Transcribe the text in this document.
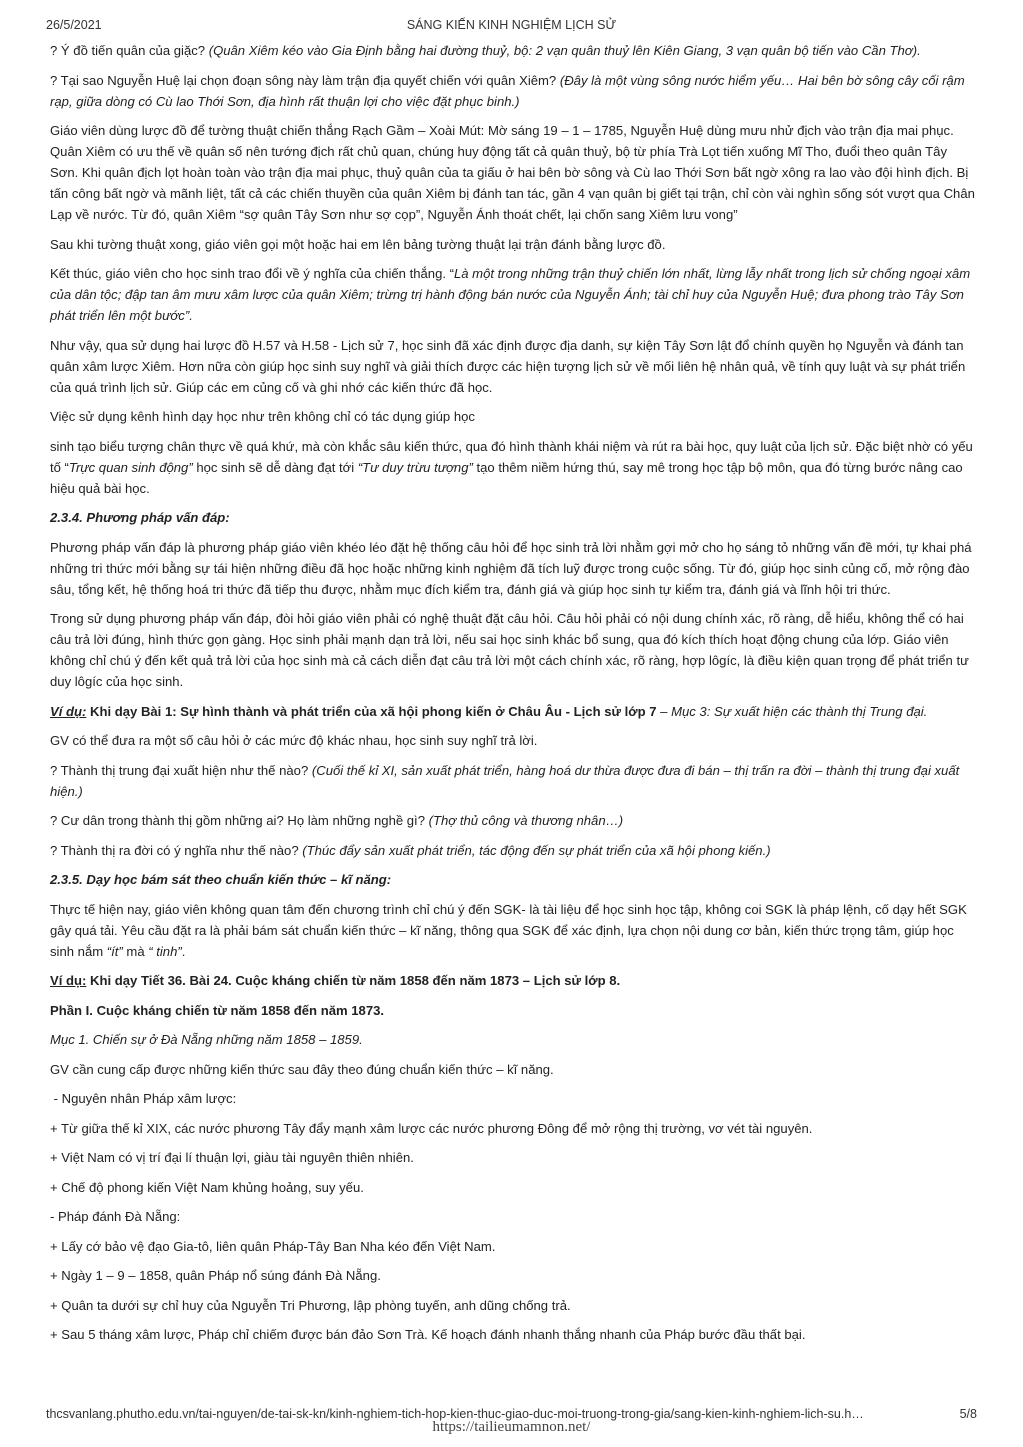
26/5/2021	SÁNG KIẾN KINH NGHIỆM LỊCH SỬ

? Ý đồ tiến quân của giặc? (Quân Xiêm kéo vào Gia Định bằng hai đường thuỷ, bộ: 2 vạn quân thuỷ lên Kiên Giang, 3 vạn quân bộ tiến vào Cần Thơ).

? Tại sao Nguyễn Huệ lại chọn đoạn sông này làm trận địa quyết chiến với quân Xiêm? (Đây là một vùng sông nước hiểm yếu… Hai bên bờ sông cây cối rậm rạp, giữa dòng có Cù lao Thới Sơn, địa hình rất thuận lợi cho việc đặt phục binh.)

Giáo viên dùng lược đồ để tường thuật chiến thắng Rạch Gầm – Xoài Mút: Mờ sáng 19 – 1 – 1785, Nguyễn Huệ dùng mưu nhử địch vào trận địa mai phục. Quân Xiêm có ưu thế về quân số nên tướng địch rất chủ quan, chúng huy động tất cả quân thuỷ, bộ từ phía Trà Lọt tiến xuống Mĩ Tho, đuổi theo quân Tây Sơn. Khi quân địch lọt hoàn toàn vào trận địa mai phục, thuỷ quân của ta giấu ở hai bên bờ sông và Cù lao Thới Sơn bất ngờ xông ra lao vào đội hình địch. Bị tấn công bất ngờ và mãnh liệt, tất cả các chiến thuyền của quân Xiêm bị đánh tan tác, gần 4 vạn quân bị giết tại trận, chỉ còn vài nghìn sống sót vượt qua Chân Lạp về nước. Từ đó, quân Xiêm “sợ quân Tây Sơn như sợ cọp”, Nguyễn Ánh thoát chết, lại chốn sang Xiêm lưu vong”

Sau khi tường thuật xong, giáo viên gọi một hoặc hai em lên bảng tường thuật lại trận đánh bằng lược đồ.

Kết thúc, giáo viên cho học sinh trao đổi về ý nghĩa của chiến thắng. “Là một trong những trận thuỷ chiến lớn nhất, lừng lẫy nhất trong lịch sử chống ngoại xâm của dân tộc; đập tan âm mưu xâm lược của quân Xiêm; trừng trị hành động bán nước của Nguyễn Ánh; tài chỉ huy của Nguyễn Huệ; đưa phong trào Tây Sơn phát triển lên một bước”.

Như vậy, qua sử dụng hai lược đồ H.57 và H.58 - Lịch sử 7, học sinh đã xác định được địa danh, sự kiện Tây Sơn lật đổ chính quyền họ Nguyễn và đánh tan quân xâm lược Xiêm. Hơn nữa còn giúp học sinh suy nghĩ và giải thích được các hiện tượng lịch sử về mối liên hệ nhân quả, về tính quy luật và sự phát triển của quá trình lịch sử. Giúp các em củng cố và ghi nhớ các kiến thức đã học.

Việc sử dụng kênh hình dạy học như trên không chỉ có tác dụng giúp học

sinh tạo biểu tượng chân thực về quá khứ, mà còn khắc sâu kiến thức, qua đó hình thành khái niệm và rút ra bài học, quy luật của lịch sử. Đặc biệt nhờ có yếu tố “Trực quan sinh động” học sinh sẽ dễ dàng đạt tới “Tư duy trừu tượng” tạo thêm niềm hứng thú, say mê trong học tập bộ môn, qua đó từng bước nâng cao hiệu quả bài học.

2.3.4. Phương pháp vấn đáp:

Phương pháp vấn đáp là phương pháp giáo viên khéo léo đặt hệ thống câu hỏi để học sinh trả lời nhằm gợi mở cho họ sáng tỏ những vấn đề mới, tự khai phá những tri thức mới bằng sự tái hiện những điều đã học hoặc những kinh nghiệm đã tích luỹ được trong cuộc sống. Từ đó, giúp học sinh củng cố, mở rộng đào sâu, tổng kết, hệ thống hoá tri thức đã tiếp thu được, nhằm mục đích kiểm tra, đánh giá và giúp học sinh tự kiểm tra, đánh giá và lĩnh hội tri thức.

Trong sử dụng phương pháp vấn đáp, đòi hỏi giáo viên phải có nghệ thuật đặt câu hỏi. Câu hỏi phải có nội dung chính xác, rõ ràng, dễ hiểu, không thể có hai câu trả lời đúng, hình thức gọn gàng. Học sinh phải mạnh dạn trả lời, nếu sai học sinh khác bổ sung, qua đó kích thích hoạt động chung của lớp. Giáo viên không chỉ chú ý đến kết quả trả lời của học sinh mà cả cách diễn đạt câu trả lời một cách chính xác, rõ ràng, hợp lôgíc, là điều kiện quan trọng để phát triển tư duy lôgíc của học sinh.

Ví dụ: Khi dạy Bài 1: Sự hình thành và phát triển của xã hội phong kiến ở Châu Âu - Lịch sử lớp 7 – Mục 3: Sự xuất hiện các thành thị Trung đại.

GV có thể đưa ra một số câu hỏi ở các mức độ khác nhau, học sinh suy nghĩ trả lời.

? Thành thị trung đại xuất hiện như thế nào? (Cuối thế kỉ XI, sản xuất phát triển, hàng hoá dư thừa được đưa đi bán – thị trấn ra đời – thành thị trung đại xuất hiện.)

? Cư dân trong thành thị gồm những ai? Họ làm những nghề gì? (Thợ thủ công và thương nhân…)

? Thành thị ra đời có ý nghĩa như thế nào? (Thúc đẩy sản xuất phát triển, tác động đến sự phát triển của xã hội phong kiến.)

2.3.5. Dạy học bám sát theo chuẩn kiến thức – kĩ năng:

Thực tế hiện nay, giáo viên không quan tâm đến chương trình chỉ chú ý đến SGK- là tài liệu để học sinh học tập, không coi SGK là pháp lệnh, cố dạy hết SGK gây quá tải. Yêu cầu đặt ra là phải bám sát chuẩn kiến thức – kĩ năng, thông qua SGK để xác định, lựa chọn nội dung cơ bản, kiến thức trọng tâm, giúp học sinh nắm “ít” mà “ tinh”.

Ví dụ: Khi dạy Tiết 36. Bài 24. Cuộc kháng chiến từ năm 1858 đến năm 1873 – Lịch sử lớp 8.

Phần I. Cuộc kháng chiến từ năm 1858 đến năm 1873.

Mục 1. Chiến sự ở Đà Nẵng những năm 1858 – 1859.

GV cần cung cấp được những kiến thức sau đây theo đúng chuẩn kiến thức – kĩ năng.

- Nguyên nhân Pháp xâm lược:

+ Từ giữa thế kỉ XIX, các nước phương Tây đẩy mạnh xâm lược các nước phương Đông để mở rộng thị trường, vơ vét tài nguyên.

+ Việt Nam có vị trí đại lí thuận lợi, giàu tài nguyên thiên nhiên.

+ Chế độ phong kiến Việt Nam khủng hoảng, suy yếu.

- Pháp đánh Đà Nẵng:

+ Lấy cớ bảo vệ đạo Gia-tô, liên quân Pháp-Tây Ban Nha kéo đến Việt Nam.

+ Ngày 1 – 9 – 1858, quân Pháp nổ súng đánh Đà Nẵng.

+ Quân ta dưới sự chỉ huy của Nguyễn Tri Phương, lập phòng tuyến, anh dũng chống trả.

+ Sau 5 tháng xâm lược, Pháp chỉ chiếm được bán đảo Sơn Trà. Kế hoạch đánh nhanh thắng nhanh của Pháp bước đầu thất bại.

thcsvanlang.phutho.edu.vn/tai-nguyen/de-tai-sk-kn/kinh-nghiem-tich-hop-kien-thuc-giao-duc-moi-truong-trong-gia/sang-kien-kinh-nghiem-lich-su.h…	5/8
https://tailieumamnon.net/
